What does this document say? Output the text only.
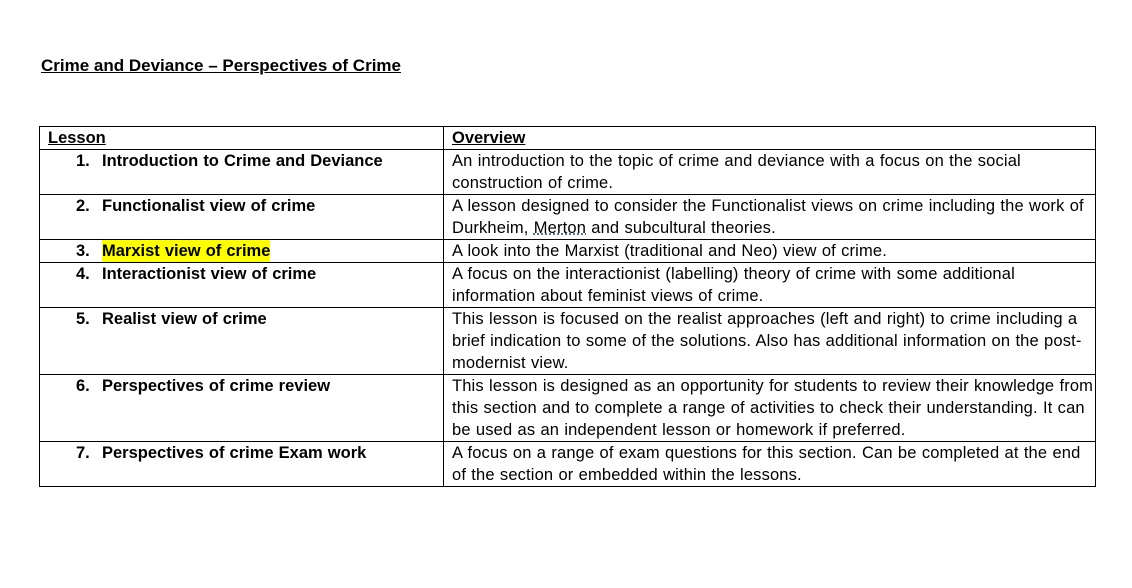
Crime and Deviance – Perspectives of Crime
Lesson	Overview

1. Introduction to Crime and Deviance	An introduction to the topic of crime and deviance with a focus on the social construction of crime.

2. Functionalist view of crime	A lesson designed to consider the Functionalist views on crime including the work of Durkheim, Merton and subcultural theories.

3. Marxist view of crime	A look into the Marxist (traditional and Neo) view of crime.

4. Interactionist view of crime	A focus on the interactionist (labelling) theory of crime with some additional information about feminist views of crime.

5. Realist view of crime	This lesson is focused on the realist approaches (left and right) to crime including a brief indication to some of the solutions. Also has additional information on the post-modernist view.

6. Perspectives of crime review	This lesson is designed as an opportunity for students to review their knowledge from this section and to complete a range of activities to check their understanding. It can be used as an independent lesson or homework if preferred.

7. Perspectives of crime Exam work	A focus on a range of exam questions for this section. Can be completed at the end of the section or embedded within the lessons.
